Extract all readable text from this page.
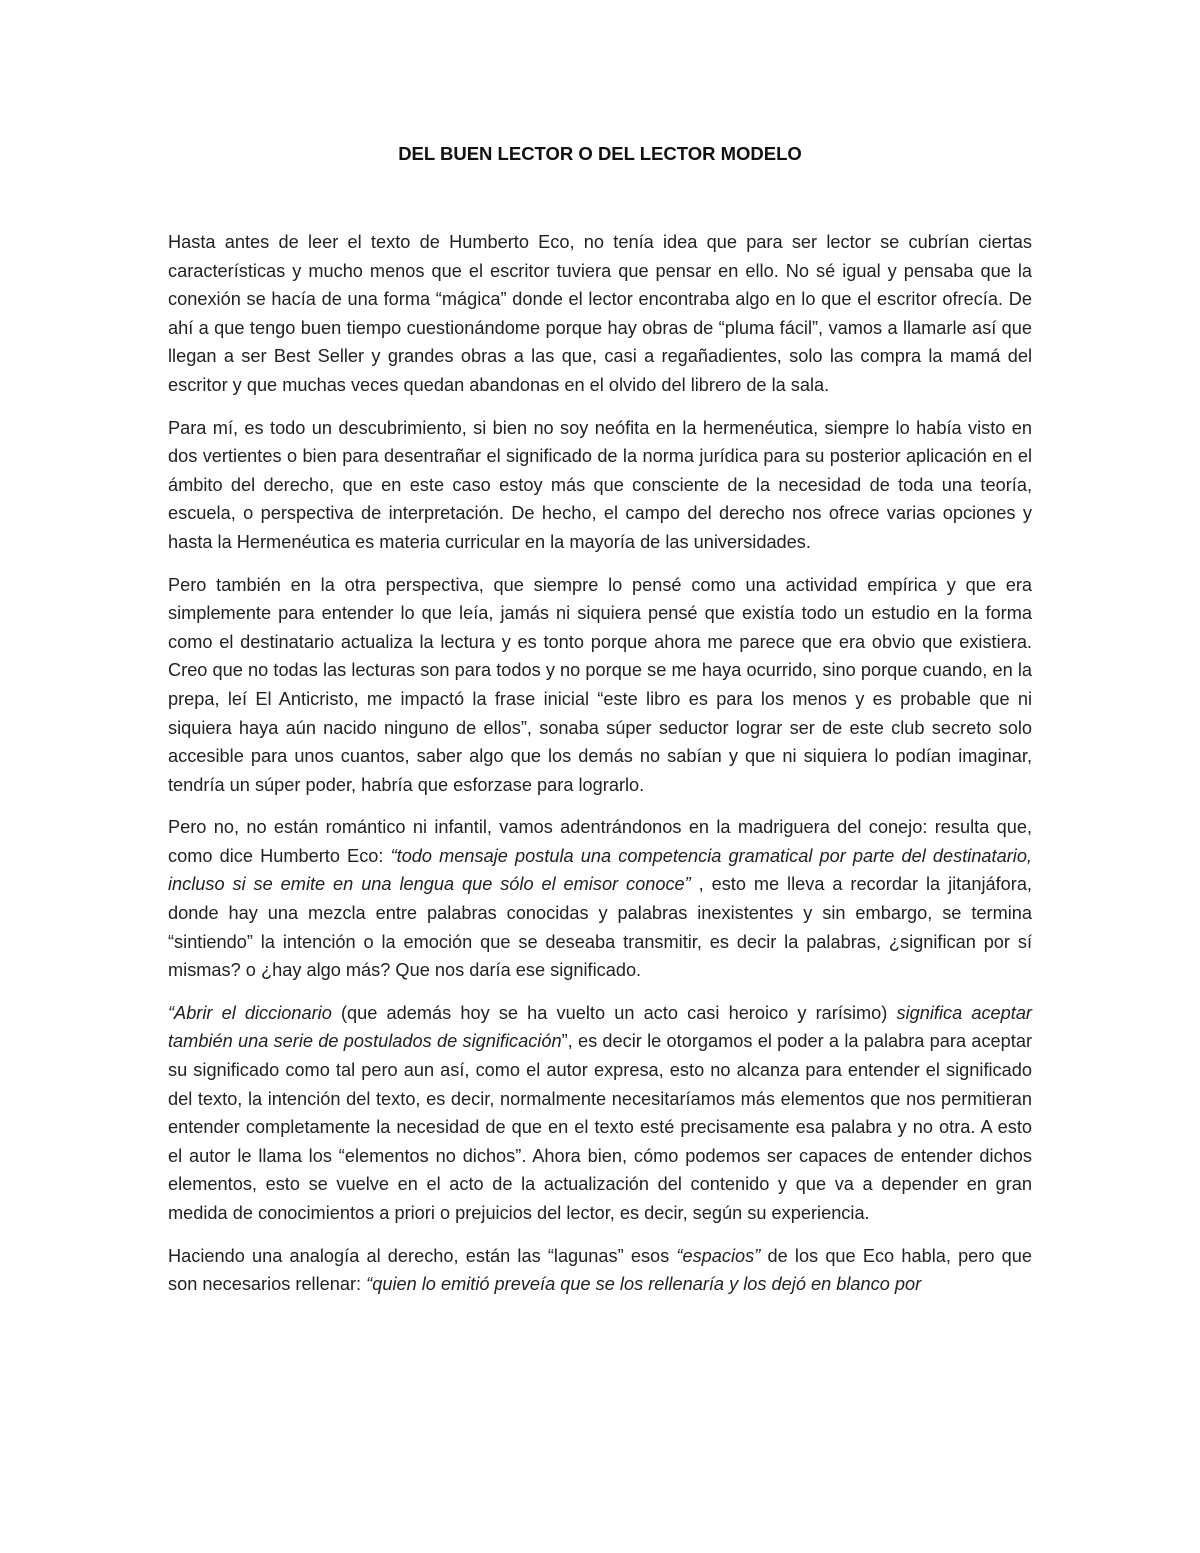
DEL BUEN LECTOR O DEL LECTOR MODELO

Hasta antes de leer el texto de Humberto Eco, no tenía idea que para ser lector se cubrían ciertas características y mucho menos que el escritor tuviera que pensar en ello. No sé igual y pensaba que la conexión se hacía de una forma “mágica” donde el lector encontraba algo en lo que el escritor ofrecía. De ahí a que tengo buen tiempo cuestionándome porque hay obras de “pluma fácil”, vamos a llamarle así que llegan a ser Best Seller y grandes obras a las que, casi a regañadientes, solo las compra la mamá del escritor y que muchas veces quedan abandonas en el olvido del librero de la sala.

Para mí, es todo un descubrimiento, si bien no soy neófita en la hermenéutica, siempre lo había visto en dos vertientes o bien para desentrañar el significado de la norma jurídica para su posterior aplicación en el ámbito del derecho, que en este caso estoy más que consciente de la necesidad de toda una teoría, escuela, o perspectiva de interpretación. De hecho, el campo del derecho nos ofrece varias opciones y hasta la Hermenéutica es materia curricular en la mayoría de las universidades.

Pero también en la otra perspectiva, que siempre lo pensé como una actividad empírica y que era simplemente para entender lo que leía, jamás ni siquiera pensé que existía todo un estudio en la forma como el destinatario actualiza la lectura y es tonto porque ahora me parece que era obvio que existiera. Creo que no todas las lecturas son para todos y no porque se me haya ocurrido, sino porque cuando, en la prepa, leí El Anticristo, me impactó la frase inicial “este libro es para los menos y es probable que ni siquiera haya aún nacido ninguno de ellos”, sonaba súper seductor lograr ser de este club secreto solo accesible para unos cuantos, saber algo que los demás no sabían y que ni siquiera lo podían imaginar, tendría un súper poder, habría que esforzase para lograrlo.

Pero no, no están romántico ni infantil, vamos adentrándonos en la madriguera del conejo: resulta que, como dice Humberto Eco: “todo mensaje postula una competencia gramatical por parte del destinatario, incluso si se emite en una lengua que sólo el emisor conoce” , esto me lleva a recordar la jitanjáfora, donde hay una mezcla entre palabras conocidas y palabras inexistentes y sin embargo, se termina “sintiendo” la intención o la emoción que se deseaba transmitir, es decir la palabras, ¿significan por sí mismas? o ¿hay algo más? Que nos daría ese significado.

“Abrir el diccionario (que además hoy se ha vuelto un acto casi heroico y rarísimo) significa aceptar también una serie de postulados de significación”, es decir le otorgamos el poder a la palabra para aceptar su significado como tal pero aun así, como el autor expresa, esto no alcanza para entender el significado del texto, la intención del texto, es decir, normalmente necesitaríamos más elementos que nos permitieran entender completamente la necesidad de que en el texto esté precisamente esa palabra y no otra. A esto el autor le llama los “elementos no dichos”. Ahora bien, cómo podemos ser capaces de entender dichos elementos, esto se vuelve en el acto de la actualización del contenido y que va a depender en gran medida de conocimientos a priori o prejuicios del lector, es decir, según su experiencia.

Haciendo una analogía al derecho, están las “lagunas” esos “espacios” de los que Eco habla, pero que son necesarios rellenar: “quien lo emitió preveía que se los rellenaría y los dejó en blanco por
